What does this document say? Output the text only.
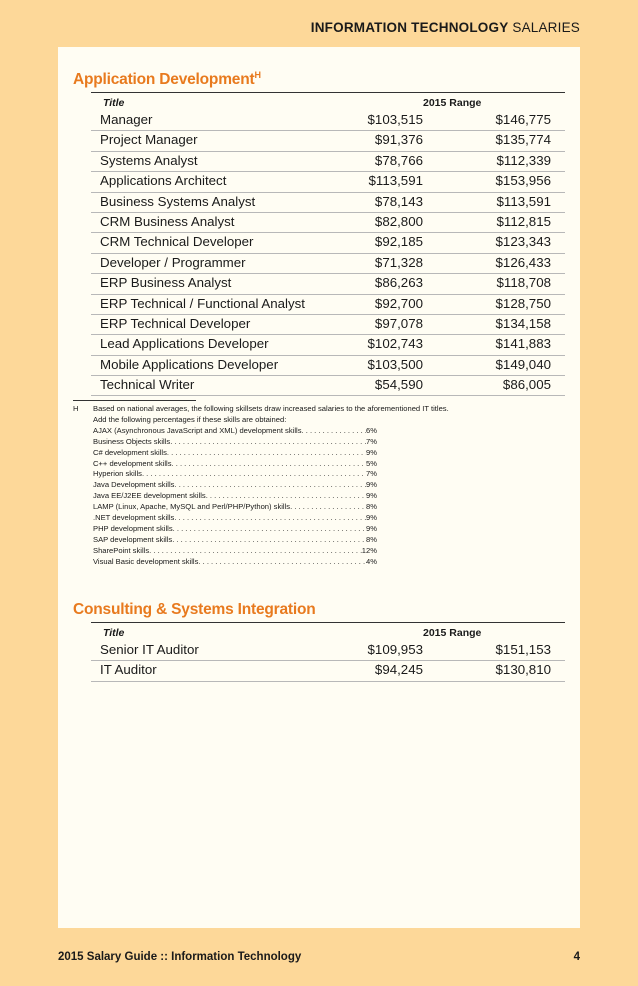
INFORMATION TECHNOLOGY SALARIES
Application Development$^H$
Title	2015 Range
Manager	$103,515	$146,775
Project Manager	$91,376	$135,774
Systems Analyst	$78,766	$112,339
Applications Architect	$113,591	$153,956
Business Systems Analyst	$78,143	$113,591
CRM Business Analyst	$82,800	$112,815
CRM Technical Developer	$92,185	$123,343
Developer / Programmer	$71,328	$126,433
ERP Business Analyst	$86,263	$118,708
ERP Technical / Functional Analyst	$92,700	$128,750
ERP Technical Developer	$97,078	$134,158
Lead Applications Developer	$102,743	$141,883
Mobile Applications Developer	$103,500	$149,040
Technical Writer	$54,590	$86,005
H Based on national averages, the following skillsets draw increased salaries to the aforementioned IT titles.
Add the following percentages if these skills are obtained:
AJAX (Asynchronous JavaScript and XML) development skills . . .	6%
Business Objects skills . . .	7%
C# development skills . . .	9%
C++ development skills . . .	5%
Hyperion skills . . .	7%
Java Development skills . . .	9%
Java EE/J2EE development skills . . .	9%
LAMP (Linux, Apache, MySQL and Perl/PHP/Python) skills . . .	8%
.NET development skills . . .	9%
PHP development skills . . .	9%
SAP development skills . . .	8%
SharePoint skills . . .	12%
Visual Basic development skills . . .	4%
Consulting & Systems Integration
Title	2015 Range
Senior IT Auditor	$109,953	$151,153
IT Auditor	$94,245	$130,810
2015 Salary Guide :: Information Technology	4
